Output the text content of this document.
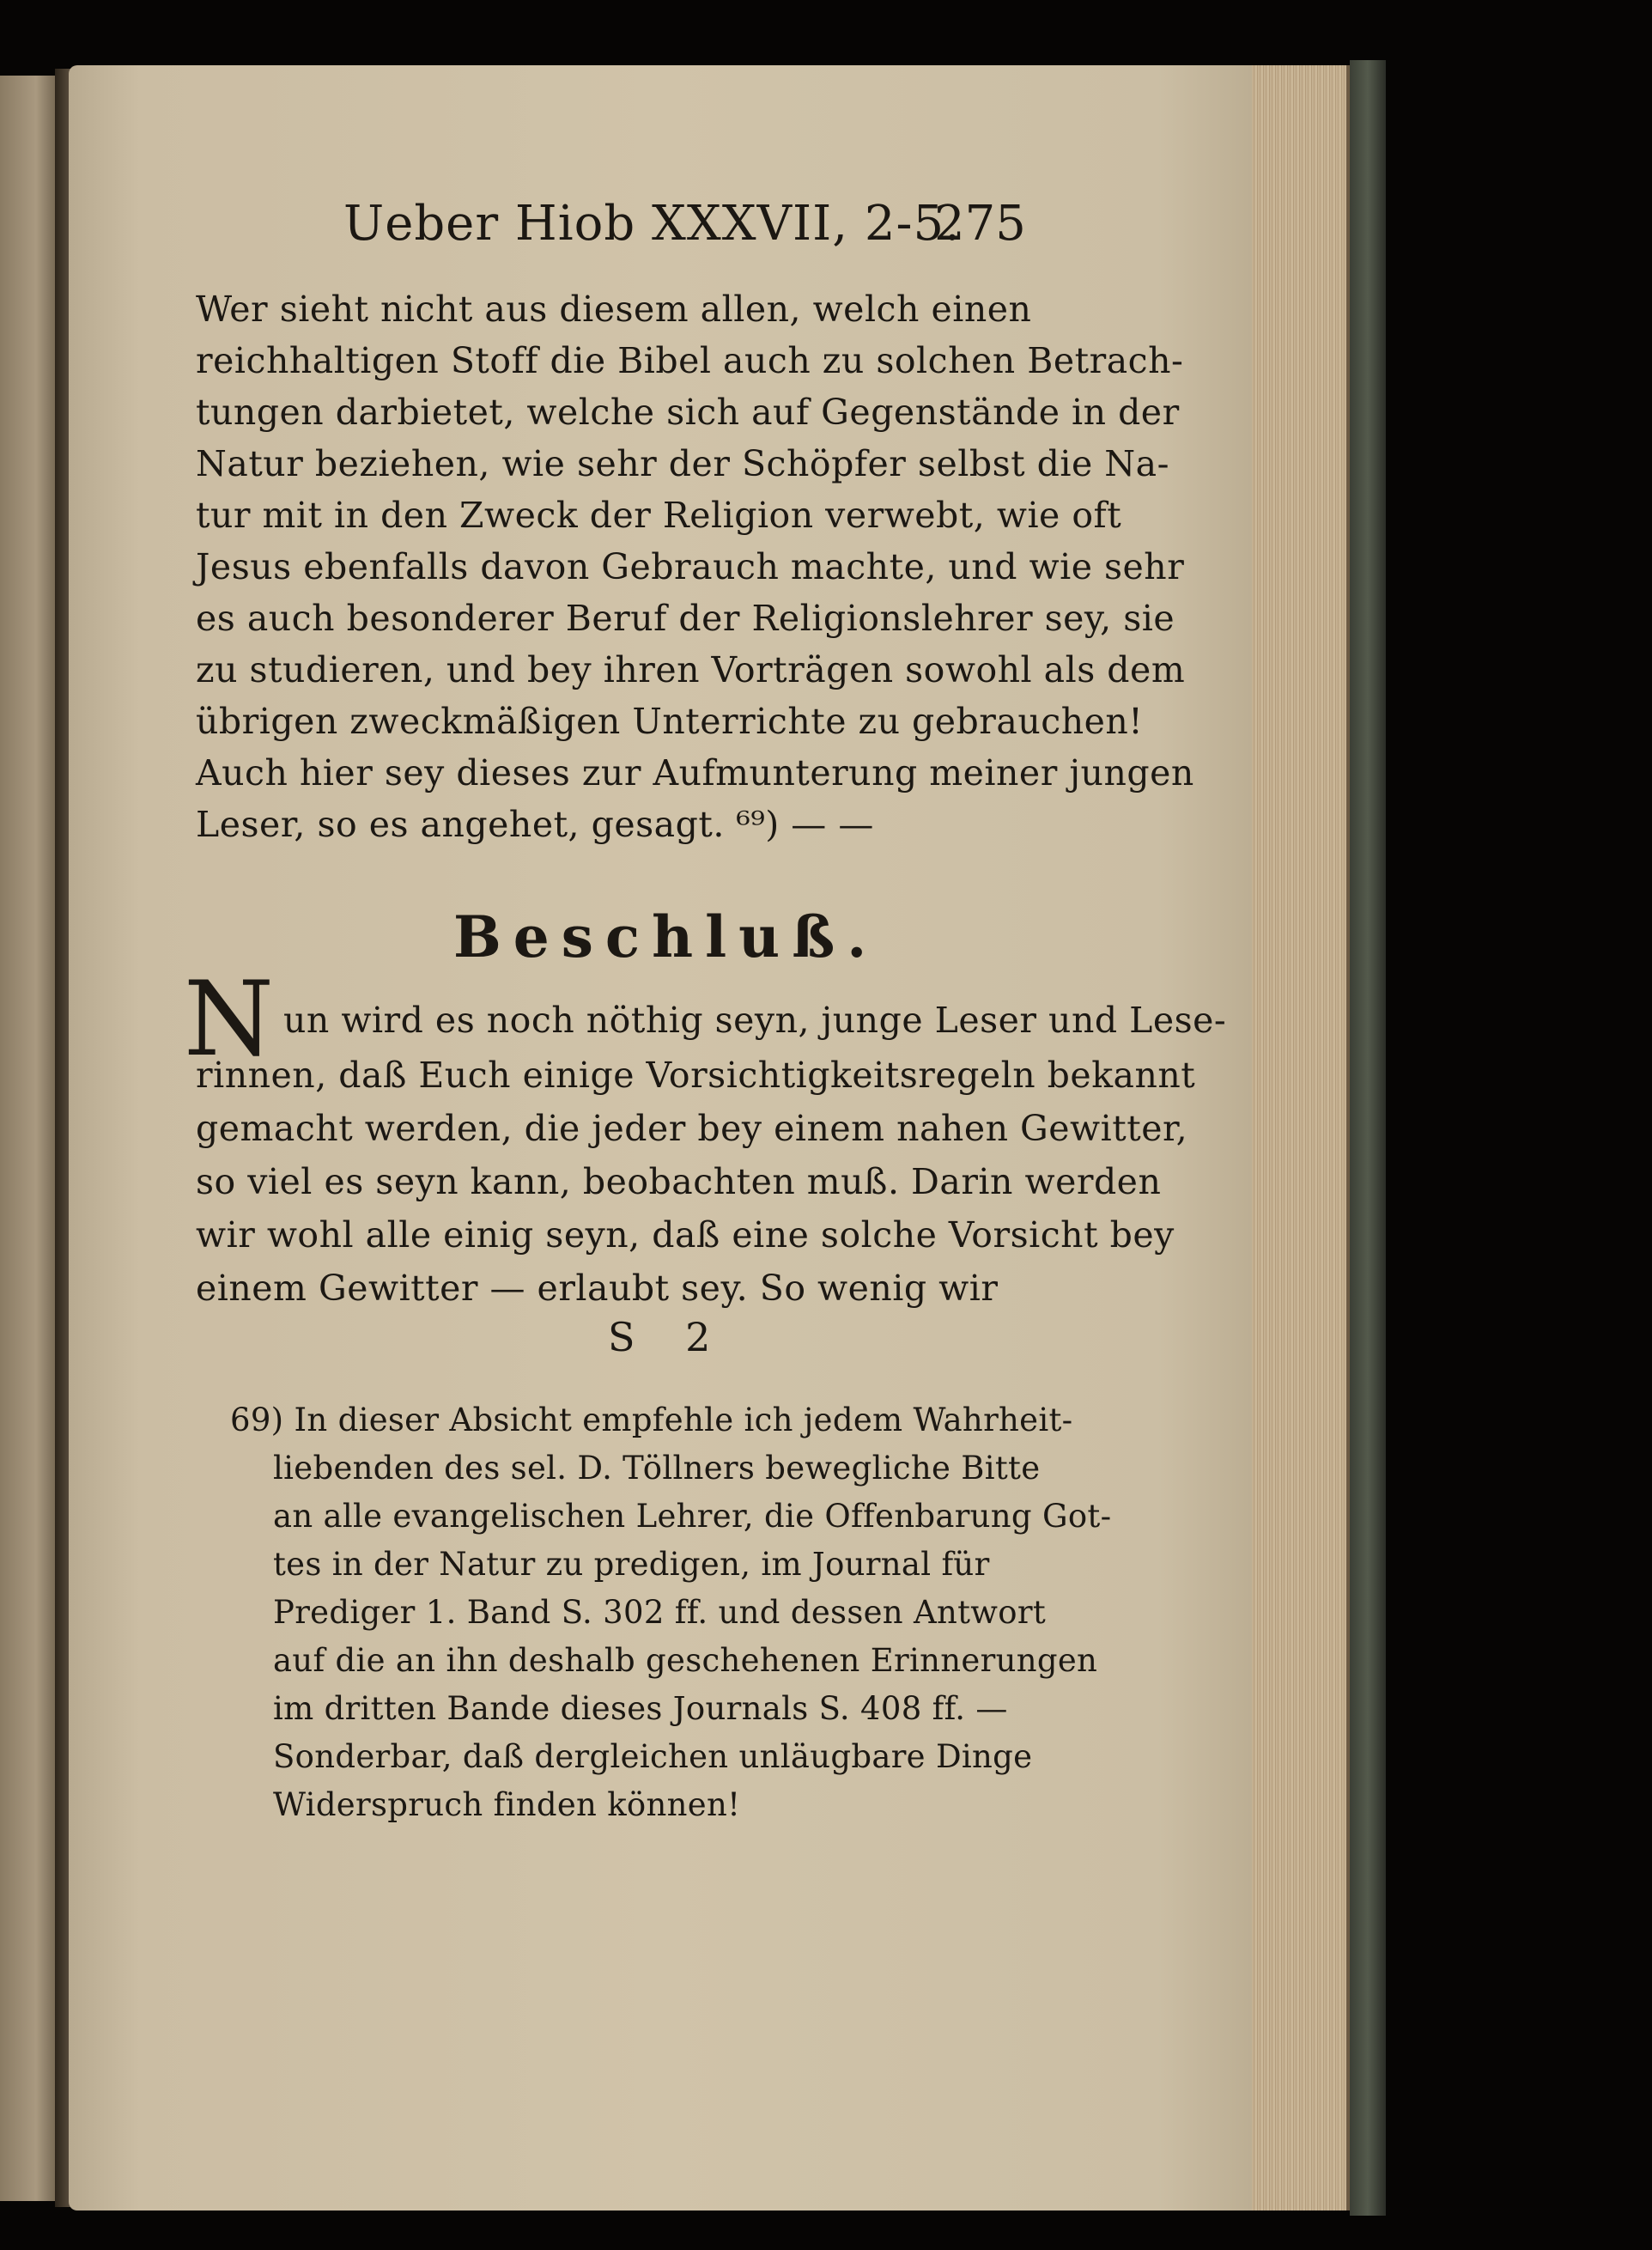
Ueber Hiob XXXVII, 2-5.
275
Wer sieht nicht aus diesem allen, welch einen
reichhaltigen Stoff die Bibel auch zu solchen Betrach-
tungen darbietet, welche sich auf Gegenstände in der
Natur beziehen, wie sehr der Schöpfer selbst die Na-
tur mit in den Zweck der Religion verwebt, wie oft
Jesus ebenfalls davon Gebrauch machte, und wie sehr
es auch besonderer Beruf der Religionslehrer sey, sie
zu studieren, und bey ihren Vorträgen sowohl als dem
übrigen zweckmäßigen Unterrichte zu gebrauchen!
Auch hier sey dieses zur Aufmunterung meiner jungen
Leser, so es angehet, gesagt. ⁶⁹) — —
Beschluß.
N un wird es noch nöthig seyn, junge Leser und Lese-
rinnen, daß Euch einige Vorsichtigkeitsregeln bekannt
gemacht werden, die jeder bey einem nahen Gewitter,
so viel es seyn kann, beobachten muß. Darin werden
wir wohl alle einig seyn, daß eine solche Vorsicht bey
einem Gewitter — erlaubt sey. So wenig wir
S 2
69) In dieser Absicht empfehle ich jedem Wahrheit-
liebenden des sel. D. Töllners bewegliche Bitte
an alle evangelischen Lehrer, die Offenbarung Got-
tes in der Natur zu predigen, im Journal für
Prediger 1. Band S. 302 ff. und dessen Antwort
auf die an ihn deshalb geschehenen Erinnerungen
im dritten Bande dieses Journals S. 408 ff. —
Sonderbar, daß dergleichen unläugbare Dinge
Widerspruch finden können!
